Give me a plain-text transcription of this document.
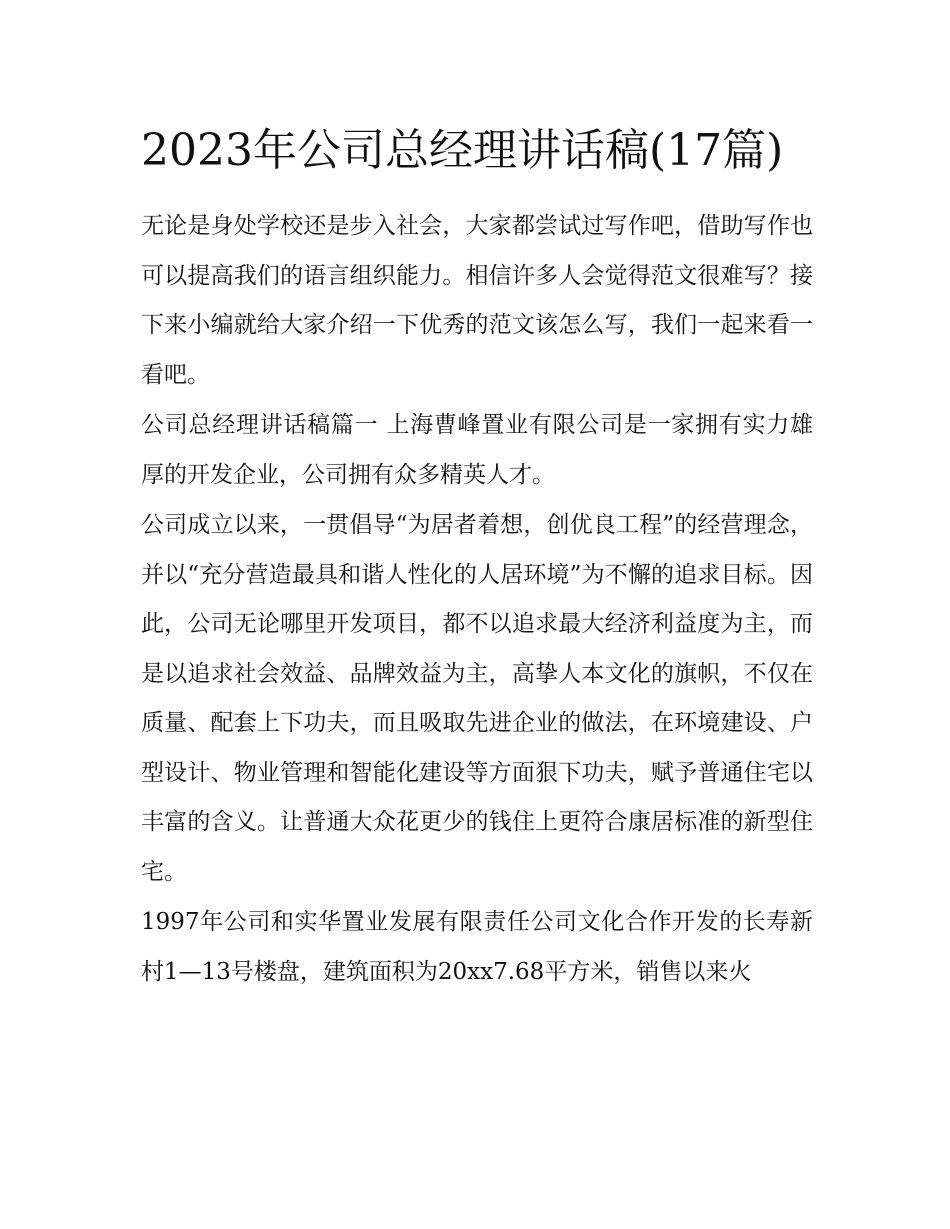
2023年公司总经理讲话稿(17篇)

无论是身处学校还是步入社会，大家都尝试过写作吧，借助写作也可以提高我们的语言组织能力。相信许多人会觉得范文很难写？接下来小编就给大家介绍一下优秀的范文该怎么写，我们一起来看一看吧。

公司总经理讲话稿篇一 上海曹峰置业有限公司是一家拥有实力雄厚的开发企业，公司拥有众多精英人才。

公司成立以来，一贯倡导“为居者着想，创优良工程”的经营理念，并以“充分营造最具和谐人性化的人居环境”为不懈的追求目标。因此，公司无论哪里开发项目，都不以追求最大经济利益度为主，而是以追求社会效益、品牌效益为主，高挚人本文化的旗帜，不仅在质量、配套上下功夫，而且吸取先进企业的做法，在环境建设、户型设计、物业管理和智能化建设等方面狠下功夫，赋予普通住宅以丰富的含义。让普通大众花更少的钱住上更符合康居标准的新型住宅。

1997年公司和实华置业发展有限责任公司文化合作开发的长寿新村1—13号楼盘，建筑面积为20xx7.68平方米，销售以来火
